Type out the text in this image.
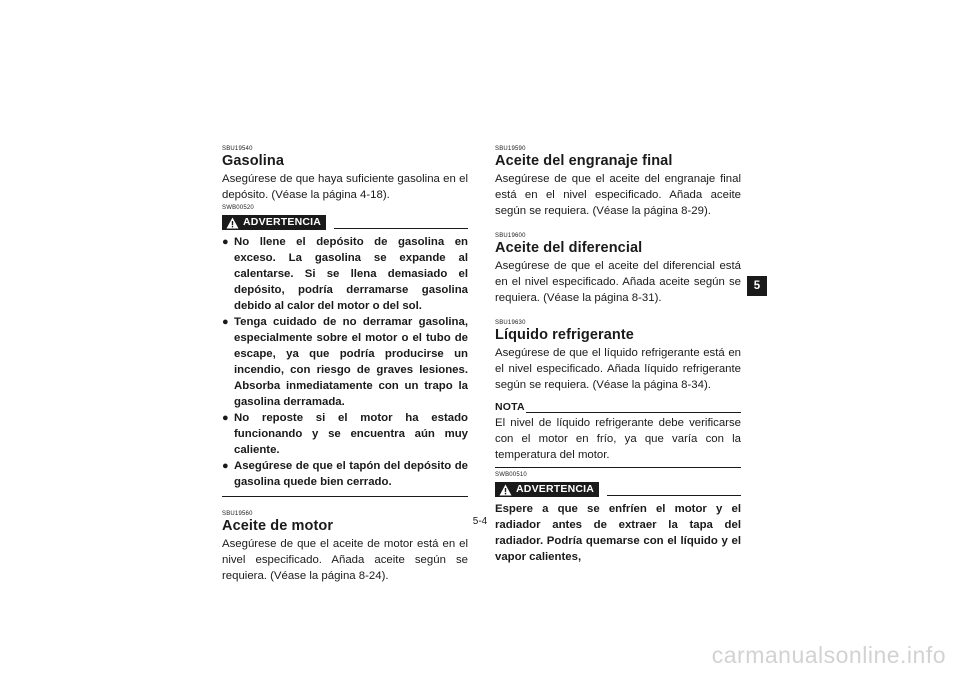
SBU19540

Gasolina

Asegúrese de que haya suficiente gasolina en el depósito. (Véase la página 4-18).

SWB00520

ADVERTENCIA
● No llene el depósito de gasolina en exceso. La gasolina se expande al calentarse. Si se llena demasiado el depósito, podría derramarse gasolina debido al calor del motor o del sol.
● Tenga cuidado de no derramar gasolina, especialmente sobre el motor o el tubo de escape, ya que podría producirse un incendio, con riesgo de graves lesiones. Absorba inmediatamente con un trapo la gasolina derramada.
● No reposte si el motor ha estado funcionando y se encuentra aún muy caliente.
● Asegúrese de que el tapón del depósito de gasolina quede bien cerrado.

SBU19560

Aceite de motor

Asegúrese de que el aceite de motor está en el nivel especificado. Añada aceite según se requiera. (Véase la página 8-24).

SBU19590

Aceite del engranaje final

Asegúrese de que el aceite del engranaje final está en el nivel especificado. Añada aceite según se requiera. (Véase la página 8-29).

SBU19600

Aceite del diferencial

Asegúrese de que el aceite del diferencial está en el nivel especificado. Añada aceite según se requiera. (Véase la página 8-31).

SBU19630

Líquido refrigerante

Asegúrese de que el líquido refrigerante está en el nivel especificado. Añada líquido refrigerante según se requiera. (Véase la página 8-34).

NOTA

El nivel de líquido refrigerante debe verificarse con el motor en frío, ya que varía con la temperatura del motor.

SWB00510

ADVERTENCIA

Espere a que se enfríen el motor y el radiador antes de extraer la tapa del radiador. Podría quemarse con el líquido y el vapor calientes,

5
5-4
carmanualsonline.info
